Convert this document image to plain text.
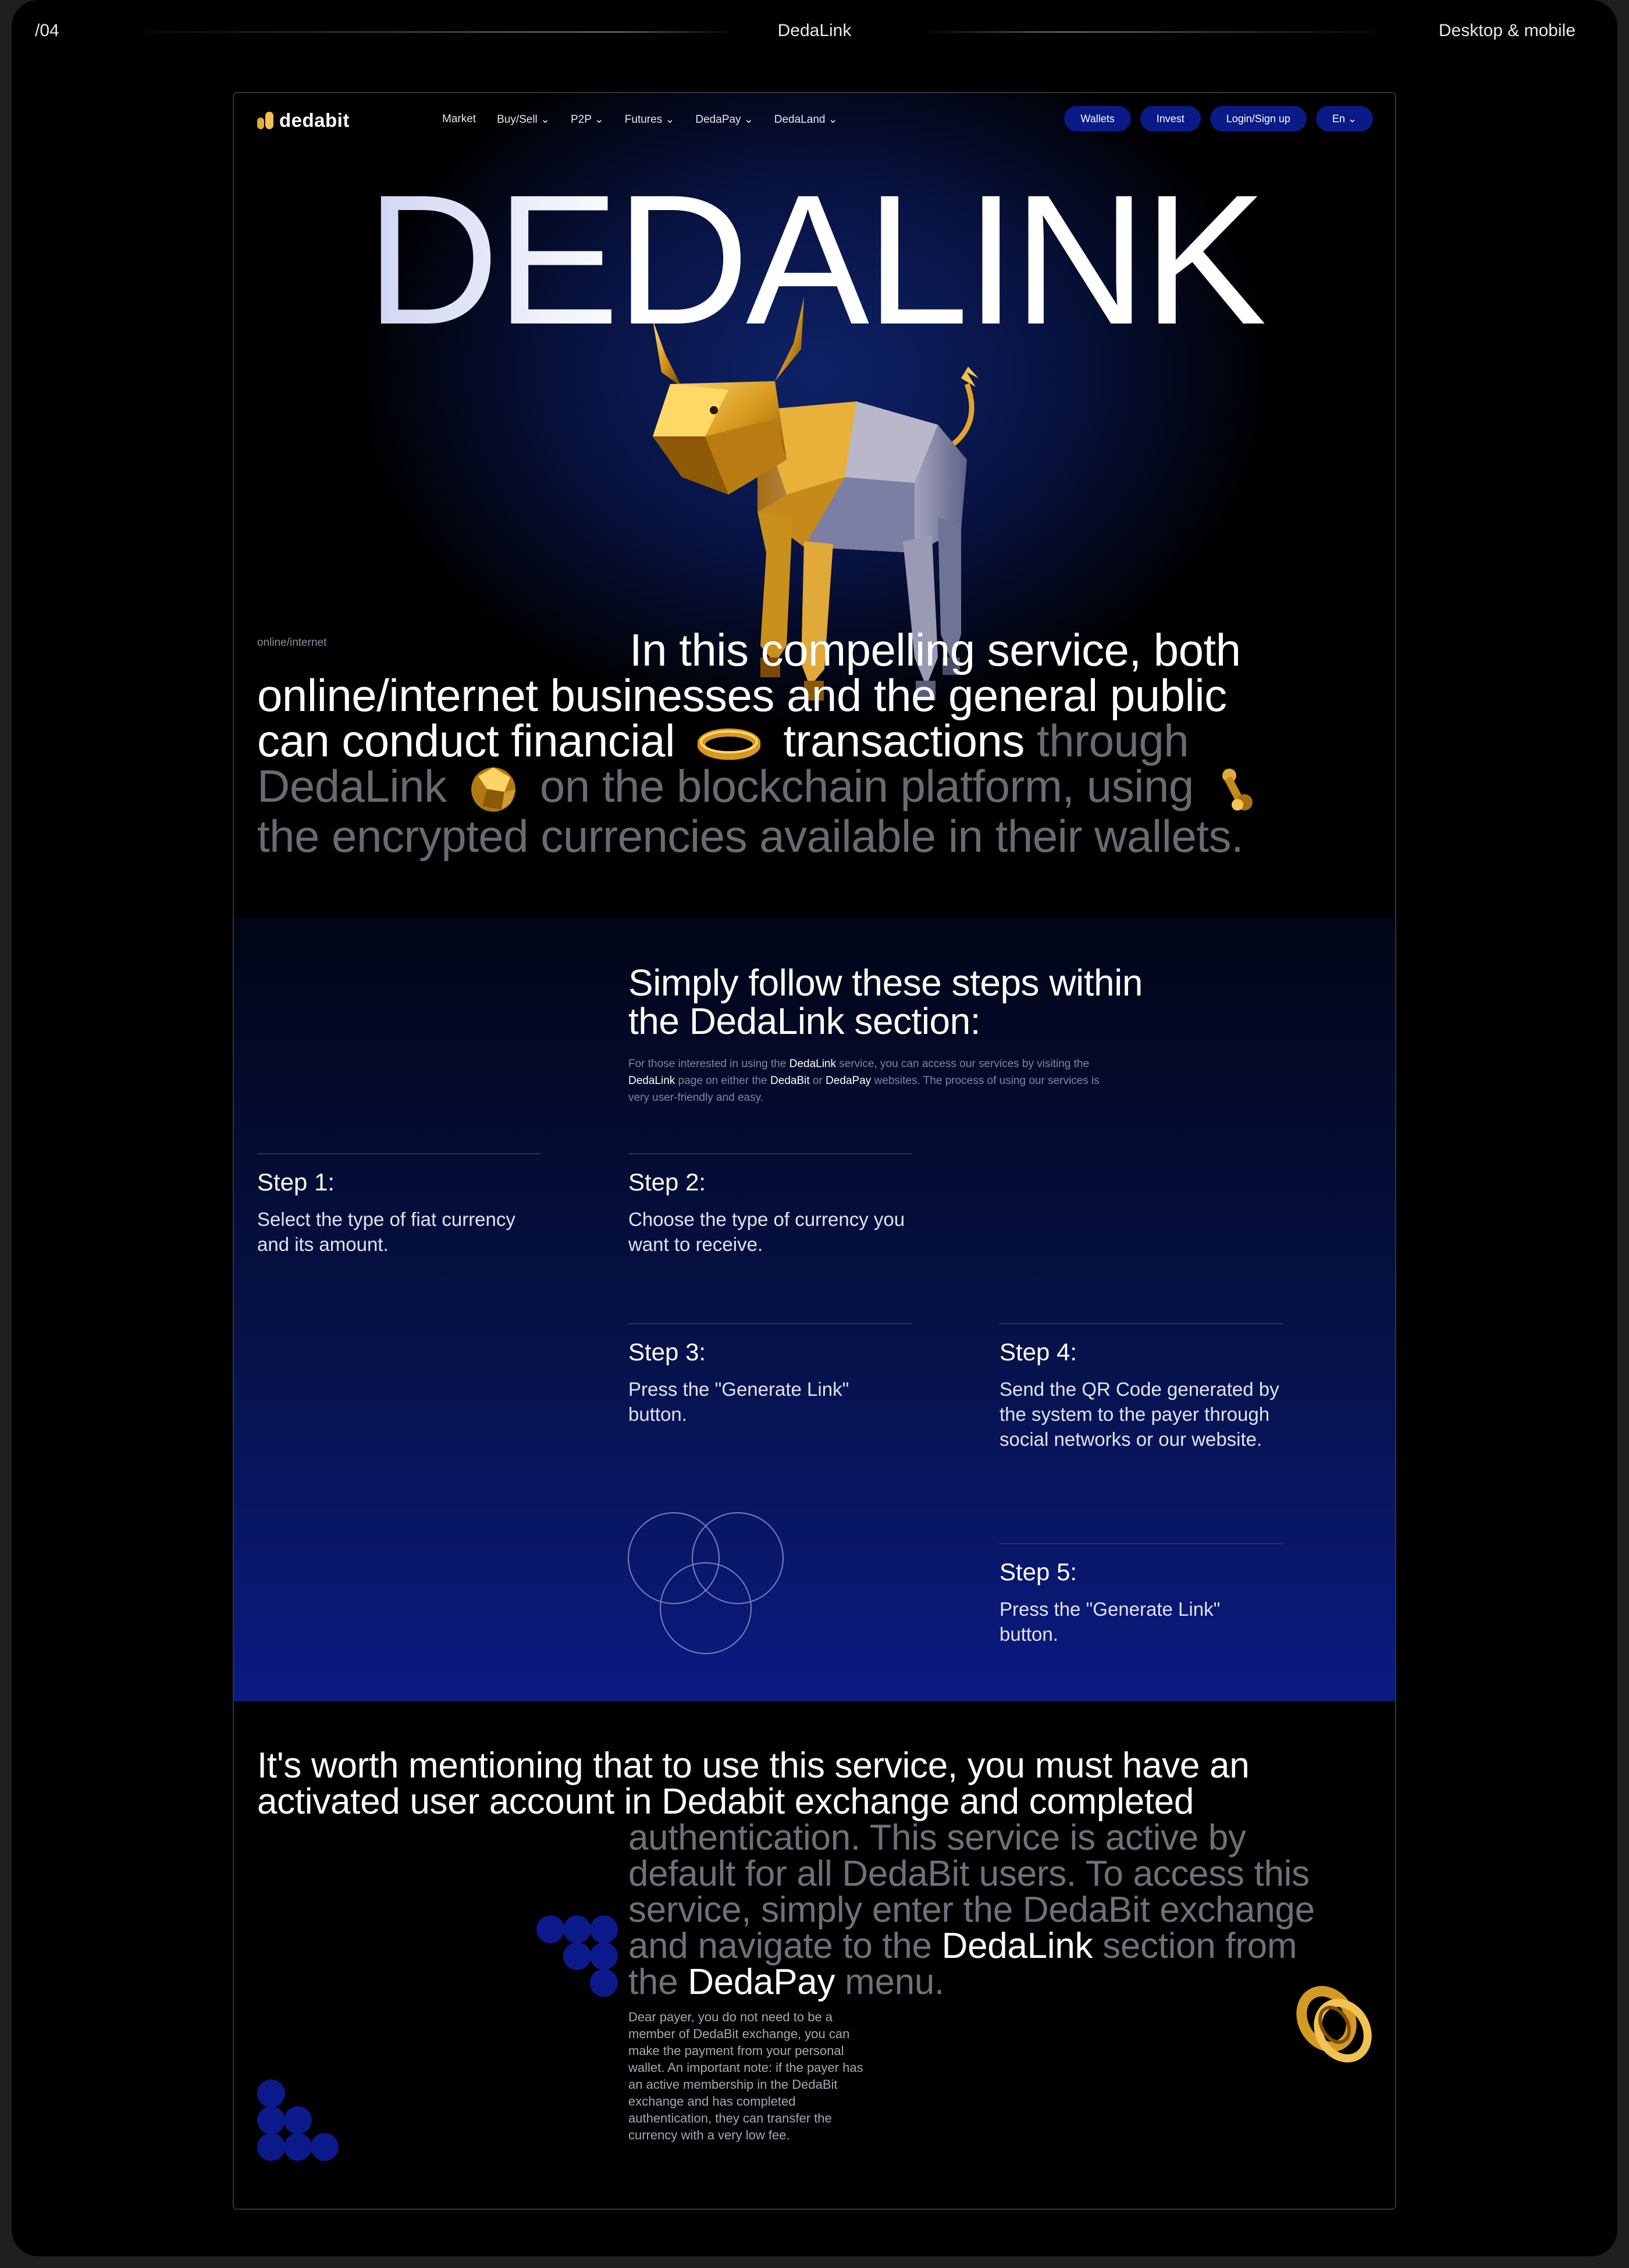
/04	DedaLink	Desktop & mobile
dedabit	Market Buy/Sell ⌄ P2P ⌄ Futures ⌄ DedaPay ⌄ DedaLand ⌄	Wallets	Invest	Login/Sign up	En ⌄
DEDALINK
online/internet	In this compelling service, both
online/internet businesses and the general public
can conduct financial transactions through
DedaLink on the blockchain platform, using
the encrypted currencies available in their wallets.
Simply follow these steps within
the DedaLink section:
For those interested in using the DedaLink service, you can access our services by visiting the DedaLink page on either the DedaBit or DedaPay websites. The process of using our services is very user-friendly and easy.
Step 1:
Select the type of fiat currency and its amount.
Step 2:
Choose the type of currency you want to receive.
Step 3:
Press the "Generate Link" button.
Step 4:
Send the QR Code generated by the system to the payer through social networks or our website.
Step 5:
Press the "Generate Link" button.
It's worth mentioning that to use this service, you must have an
activated user account in Dedabit exchange and completed
authentication. This service is active by
default for all DedaBit users. To access this
service, simply enter the DedaBit exchange
and navigate to the DedaLink section from
the DedaPay menu.
Dear payer, you do not need to be a member of DedaBit exchange, you can make the payment from your personal wallet. An important note: if the payer has an active membership in the DedaBit exchange and has completed authentication, they can transfer the currency with a very low fee.
